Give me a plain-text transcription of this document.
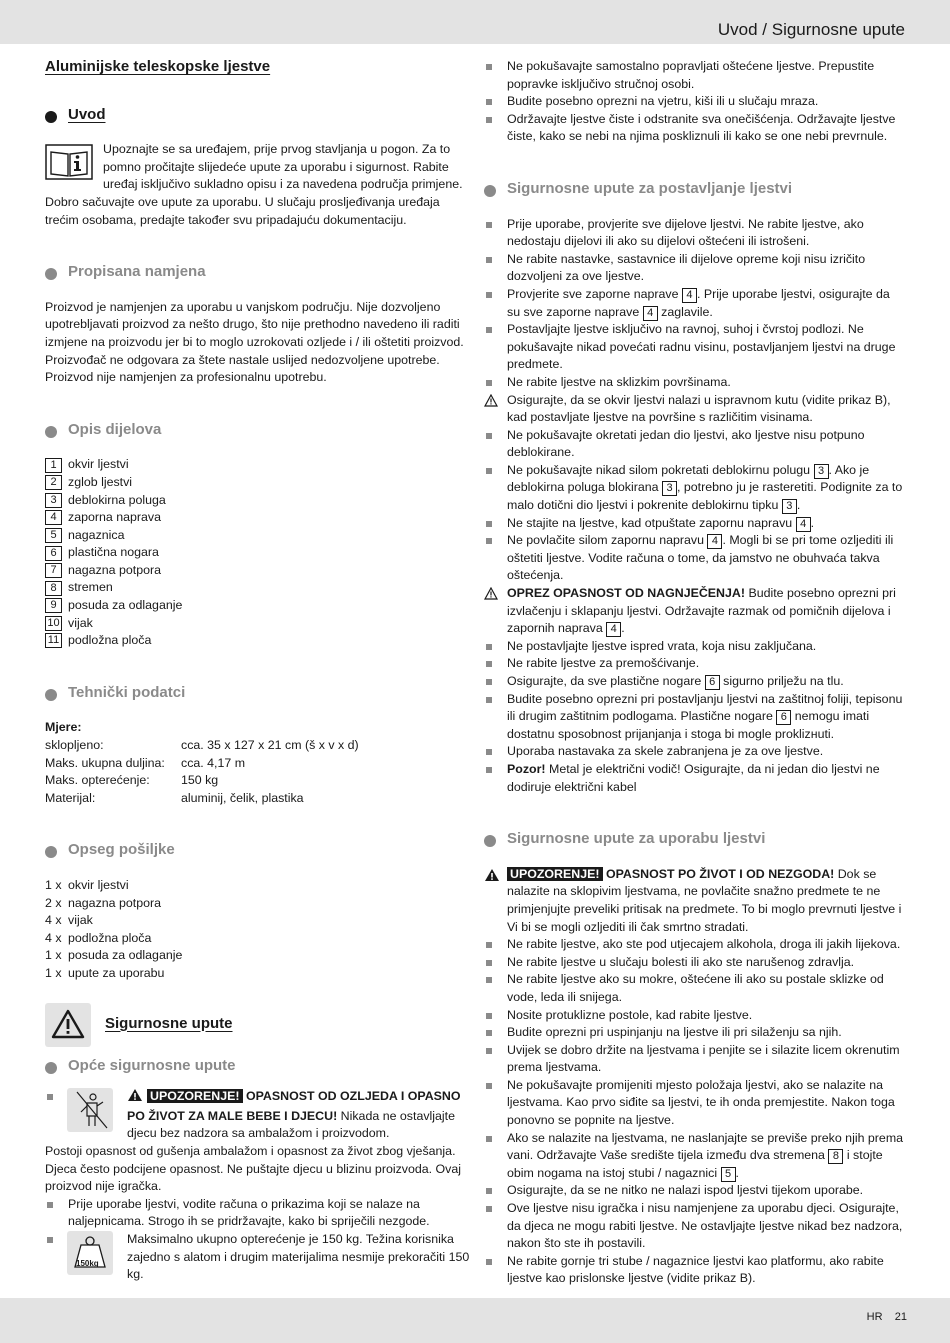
Uvod / Sigurnosne upute

Aluminijske teleskopske ljestve

Uvod

Upoznajte se sa uređajem, prije prvog stavljanja u pogon. Za to pomno pročitajte slijedeće upute za uporabu i sigurnost. Rabite uređaj isključivo sukladno opisu i za navedena područja primjene.

Dobro sačuvajte ove upute za uporabu. U slučaju prosljeđivanja uređaja trećim osobama, predajte također svu pripadajuću dokumentaciju.

Propisana namjena

Proizvod je namjenjen za uporabu u vanjskom području. Nije dozvoljeno upotrebljavati proizvod za nešto drugo, što nije prethodno navedeno ili raditi izmjene na proizvodu jer bi to moglo uzrokovati ozljede i / ili oštetiti proizvod. Proizvođač ne odgovara za štete nastale uslijed nedozvoljene upotrebe. Proizvod nije namjenjen za profesionalnu upotrebu.

Opis dijelova

1 okvir ljestvi
2 zglob ljestvi
3 deblokirna poluga
4 zaporna naprava
5 nagaznica
6 plastična nogara
7 nagazna potpora
8 stremen
9 posuda za odlaganje
10 vijak
11 podložna ploča

Tehnički podatci

Mjere:

sklopljeno:	cca. 35 x 127 x 21 cm (š x v x d)
Maks. ukupna duljina:	cca. 4,17 m
Maks. opterećenje:	150 kg
Materijal:	aluminij, čelik, plastika

Opseg pošiljke

1 x okvir ljestvi
2 x nagazna potpora
4 x vijak
4 x podložna ploča
1 x posuda za odlaganje
1 x upute za uporabu

Sigurnosne upute

Opće sigurnosne upute

UPOZORENJE! OPASNOST OD OZLJEDA I OPASNO PO ŽIVOT ZA MALE BEBE I DJECU! Nikada ne ostavljajte djecu bez nadzora sa ambalažom i proizvodom.

Postoji opasnost od gušenja ambalažom i opasnost za život zbog vješanja. Djeca često podcijene opasnost. Ne puštajte djecu u blizinu proizvoda. Ovaj proizvod nije igračka.

Prije uporabe ljestvi, vodite računa o prikazima koji se nalaze na naljepnicama. Strogo ih se pridržavajte, kako bi spriječili nezgode.

150kg

Maksimalno ukupno opterećenje je 150 kg. Težina korisnika zajedno s alatom i drugim materijalima nesmije prekoračiti 150 kg.

Ne pokušavajte samostalno popravljati oštećene ljestve. Prepustite popravke isključivo stručnoj osobi.

Budite posebno oprezni na vjetru, kiši ili u slučaju mraza.

Održavajte ljestve čiste i odstranite sva onečišćenja. Održavajte ljestve čiste, kako se nebi na njima poskliznuli ili kako se one nebi prevrnule.

Sigurnosne upute za postavljanje ljestvi

Prije uporabe, provjerite sve dijelove ljestvi. Ne rabite ljestve, ako nedostaju dijelovi ili ako su dijelovi oštećeni ili istrošeni.

Ne rabite nastavke, sastavnice ili dijelove opreme koji nisu izričito dozvoljeni za ove ljestve.

Provjerite sve zaporne naprave 4 . Prije uporabe ljestvi, osigurajte da su sve zaporne naprave 4 zaglavile.

Postavljajte ljestve isključivo na ravnoj, suhoj i čvrstoj podlozi. Ne pokušavajte nikad povećati radnu visinu, postavljanjem ljestvi na druge predmete.

Ne rabite ljestve na sklizkim površinama.

Osigurajte, da se okvir ljestvi nalazi u ispravnom kutu (vidite prikaz B), kad postavljate ljestve na površine s različitim visinama.

Ne pokušavajte okretati jedan dio ljestvi, ako ljestve nisu potpuno deblokirane.

Ne pokušavajte nikad silom pokretati deblokirnu polugu 3 . Ako je deblokirna poluga blokirana 3 , potrebno ju je rasteretiti. Podignite za to malo dotični dio ljestvi i pokrenite deblokirnu tipku 3 .

Ne stajite na ljestve, kad otpuštate zapornu napravu 4 .

Ne povlačite silom zapornu napravu 4 . Mogli bi se pri tome ozljediti ili oštetiti ljestve. Vodite računa o tome, da jamstvo ne obuhvaća takva oštećenja.

OPREZ OPASNOST OD NAGNJEČENJA! Budite posebno oprezni pri izvlačenju i sklapanju ljestvi. Održavajte razmak od pomičnih dijelova i zapornih naprava 4 .

Ne postavljajte ljestve ispred vrata, koja nisu zaključana.

Ne rabite ljestve za premošćivanje.

Osigurajte, da sve plastične nogare 6 sigurno prilježu na tlu.

Budite posebno oprezni pri postavljanju ljestvi na zaštitnoj foliji, tepisonu ili drugim zaštitnim podlogama. Plastične nogare 6 nemogu imati dostatnu sposobnost prijanjanja i stoga bi mogle proklizнuti.

Uporaba nastavaka za skele zabranjena je za ove ljestve.

Pozor! Metal je električni vodič! Osigurajte, da ni jedan dio ljestvi ne dodiruje električni kabel

Sigurnosne upute za uporabu ljestvi

UPOZORENJE! OPASNOST PO ŽIVOT I OD NEZGODA! Dok se nalazite na sklopivim ljestvama, ne povlačite snažno predmete te ne primjenjujte preveliki pritisak na predmete. To bi moglo prevrnuti ljestve i Vi bi se mogli ozljediti ili čak smrtno stradati.

Ne rabite ljestve, ako ste pod utjecajem alkohola, droga ili jakih lijekova.

Ne rabite ljestve u slučaju bolesti ili ako ste narušenog zdravlja.

Ne rabite ljestve ako su mokre, oštećene ili ako su postale sklizke od vode, leda ili snijega.

Nosite protuklizne postole, kad rabite ljestve.

Budite oprezni pri uspinjanju na ljestve ili pri silaženju sa njih.

Uvijek se dobro držite na ljestvama i penjite se i silazite licem okrenutim prema ljestvama.

Ne pokušavajte promijeniti mjesto položaja ljestvi, ako se nalazite na ljestvama. Kao prvo siđite sa ljestvi, te ih onda premjestite. Nakon toga ponovno se popnite na ljestve.

Ako se nalazite na ljestvama, ne naslanjajte se previše preko njih prema vani. Održavajte Vaše središte tijela između dva stremena 8 i stojte obim nogama na istoj stubi / nagaznici 5 .

Osigurajte, da se ne nitko ne nalazi ispod ljestvi tijekom uporabe.

Ove ljestve nisu igračka i nisu namjenjene za uporabu djeci. Osigurajte, da djeca ne mogu rabiti ljestve. Ne ostavljajte ljestve nikad bez nadzora, nakon što ste ih postavili.

Ne rabite gornje tri stube / nagaznice ljestvi kao platformu, ako rabite ljestve kao prislonske ljestve (vidite prikaz B).

HR    21
